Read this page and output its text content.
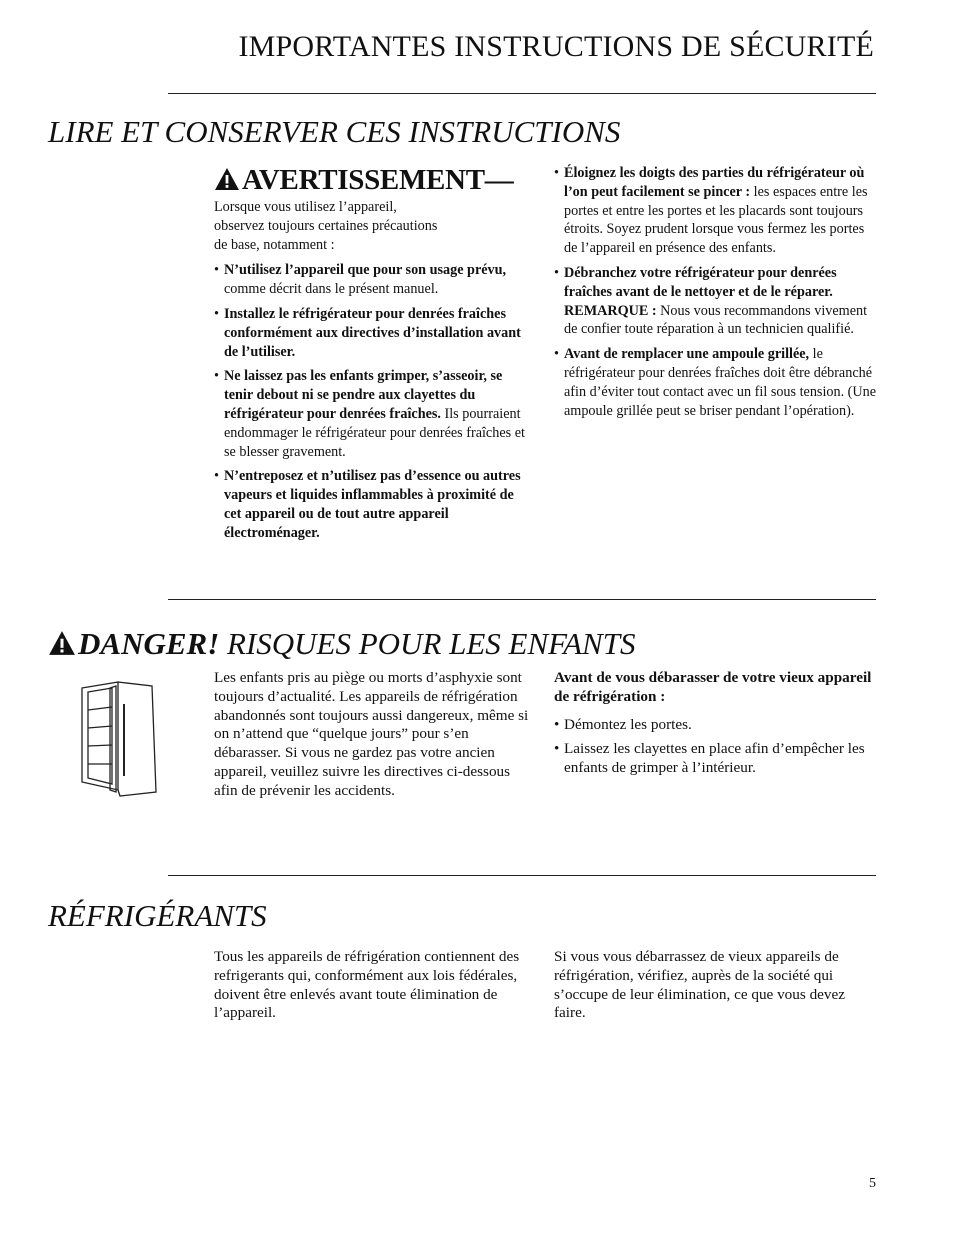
IMPORTANTES INSTRUCTIONS DE SÉCURITÉ
LIRE ET CONSERVER CES INSTRUCTIONS
AVERTISSEMENT—

Lorsque vous utilisez l’appareil,

observez toujours certaines précautions

de base, notamment :

• N’utilisez l’appareil que pour son usage prévu, comme décrit dans le présent manuel.
• Installez le réfrigérateur pour denrées fraîches conformément aux directives d’installation avant de l’utiliser.
• Ne laissez pas les enfants grimper, s’asseoir, se tenir debout ni se pendre aux clayettes du réfrigérateur pour denrées fraîches. Ils pourraient endommager le réfrigérateur pour denrées fraîches et se blesser gravement.
• N’entreposez et n’utilisez pas d’essence ou autres vapeurs et liquides inflammables à proximité de cet appareil ou de tout autre appareil électroménager.
• Éloignez les doigts des parties du réfrigérateur où l’on peut facilement se pincer : les espaces entre les portes et entre les portes et les placards sont toujours étroits. Soyez prudent lorsque vous fermez les portes de l’appareil en présence des enfants.
• Débranchez votre réfrigérateur pour denrées fraîches avant de le nettoyer et de le réparer. REMARQUE : Nous vous recommandons vivement de confier toute réparation à un technicien qualifié.
• Avant de remplacer une ampoule grillée, le réfrigérateur pour denrées fraîches doit être débranché afin d’éviter tout contact avec un fil sous tension. (Une ampoule grillée peut se briser pendant l’opération).
DANGER! RISQUES POUR LES ENFANTS
Les enfants pris au piège ou morts d’asphyxie sont toujours d’actualité. Les appareils de réfrigération abandonnés sont toujours aussi dangereux, même si on n’attend que “quelque jours” pour s’en débarasser. Si vous ne gardez pas votre ancien appareil, veuillez suivre les directives ci-dessous afin de prévenir les accidents.

Avant de vous débarasser de votre vieux appareil de réfrigération :

• Démontez les portes.
• Laissez les clayettes en place afin d’empêcher les enfants de grimper à l’intérieur.
RÉFRIGÉRANTS
Tous les appareils de réfrigération contiennent des refrigerants qui, conformément aux lois fédérales, doivent être enlevés avant toute élimination de l’appareil.
Si vous vous débarrassez de vieux appareils de réfrigération, vérifiez, auprès de la société qui s’occupe de leur élimination, ce que vous devez faire.
5
